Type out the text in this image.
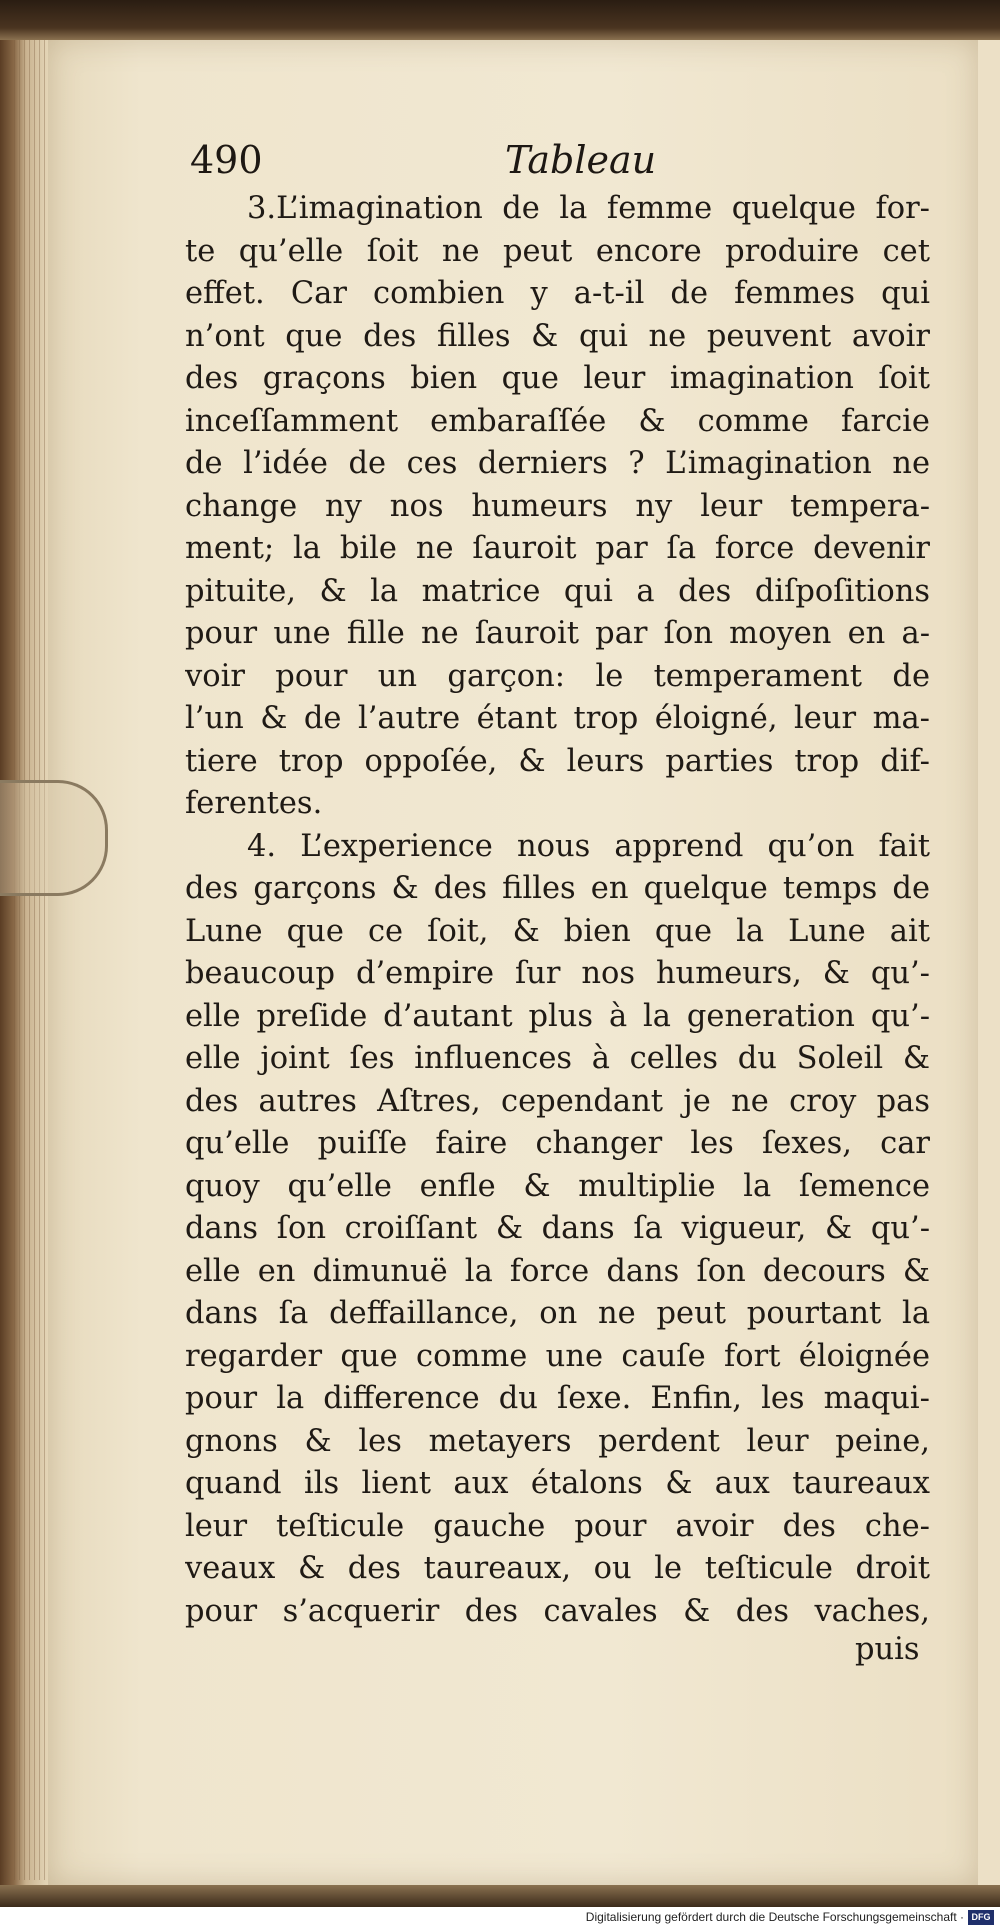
490	Tableau
3.L’imagination de la femme quelque for-
te qu’elle ſoit ne peut encore produire cet
effet. Car combien y a-t-il de femmes qui
n’ont que des filles & qui ne peuvent avoir
des graçons bien que leur imagination ſoit
inceſſamment embaraſſée & comme farcie
de l’idée de ces derniers ? L’imagination ne
change ny nos humeurs ny leur tempera-
ment; la bile ne ſauroit par ſa force devenir
pituite, & la matrice qui a des diſpoſitions
pour une fille ne ſauroit par ſon moyen en a-
voir pour un garçon: le temperament de
l’un & de l’autre étant trop éloigné, leur ma-
tiere trop oppoſée, & leurs parties trop dif-
ferentes.
4. L’experience nous apprend qu’on fait
des garçons & des filles en quelque temps de
Lune que ce ſoit, & bien que la Lune ait
beaucoup d’empire ſur nos humeurs, & qu’-
elle preſide d’autant plus à la generation qu’-
elle joint ſes influences à celles du Soleil &
des autres Aſtres, cependant je ne croy pas
qu’elle puiſſe faire changer les ſexes, car
quoy qu’elle enfle & multiplie la ſemence
dans ſon croiſſant & dans ſa vigueur, & qu’-
elle en dimunuë la force dans ſon decours &
dans ſa deffaillance, on ne peut pourtant la
regarder que comme une cauſe fort éloignée
pour la difference du ſexe. Enfin, les maqui-
gnons & les metayers perdent leur peine,
quand ils lient aux étalons & aux taureaux
leur teſticule gauche pour avoir des che-
veaux & des taureaux, ou le teſticule droit
pour s’acquerir des cavales & des vaches,
puis
Digitalisierung gefördert durch die Deutsche Forschungsgemeinschaft · DFG
